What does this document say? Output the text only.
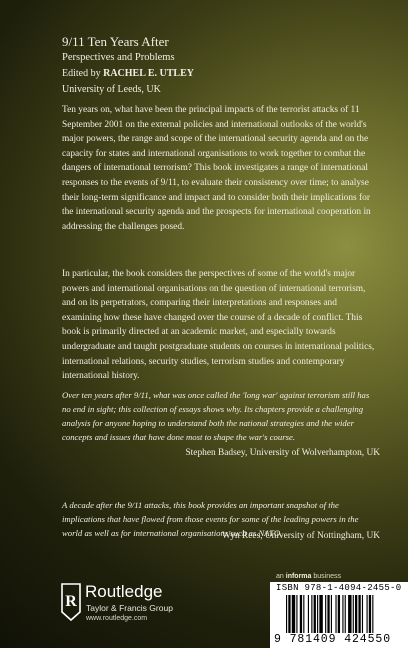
9/11 Ten Years After
Perspectives and Problems
Edited by RACHEL E. UTLEY
University of Leeds, UK

Ten years on, what have been the principal impacts of the terrorist attacks of 11 September 2001 on the external policies and international outlooks of the world's major powers, the range and scope of the international security agenda and on the capacity for states and international organisations to work together to combat the dangers of international terrorism? This book investigates a range of international responses to the events of 9/11, to evaluate their consistency over time; to analyse their long-term significance and impact and to consider both their implications for the international security agenda and the prospects for international cooperation in addressing the challenges posed.

In particular, the book considers the perspectives of some of the world's major powers and international organisations on the question of international terrorism, and on its perpetrators, comparing their interpretations and responses and examining how these have changed over the course of a decade of conflict. This book is primarily directed at an academic market, and especially towards undergraduate and taught postgraduate students on courses in international politics, international relations, security studies, terrorism studies and contemporary international history.

Over ten years after 9/11, what was once called the 'long war' against terrorism still has no end in sight; this collection of essays shows why. Its chapters provide a challenging analysis for anyone hoping to understand both the national strategies and the wider concepts and issues that have done most to shape the war's course.
Stephen Badsey, University of Wolverhampton, UK
A decade after the 9/11 attacks, this book provides an important snapshot of the implications that have flowed from those events for some of the leading powers in the world as well as for international organisations such as NATO.
Wyn Rees, University of Nottingham, UK
R
Routledge
Taylor & Francis Group
www.routledge.com
an informa business
ISBN 978-1-4094-2455-0
9 781409 424550
